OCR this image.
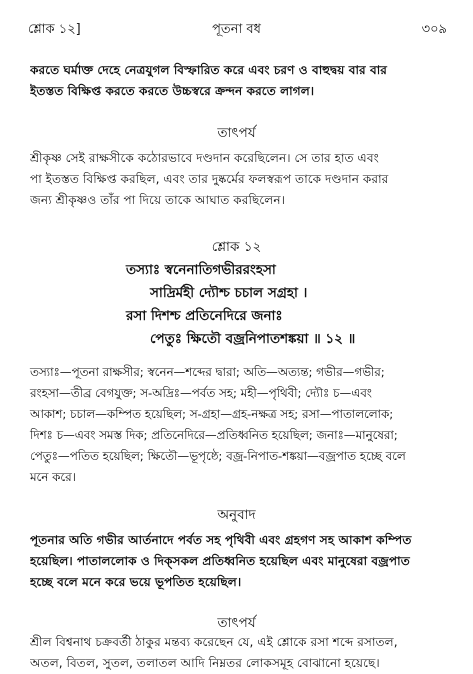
শ্লোক ১২]	পূতনা বধ	৩০৯
করতে ঘর্মাক্ত দেহে নেত্রযুগল বিস্ফারিত করে এবং চরণ ও বাহুদ্বয় বার বার
ইতস্তত বিক্ষিপ্ত করতে করতে উচ্চস্বরে ক্রন্দন করতে লাগল।
তাৎপর্য
শ্রীকৃষ্ণ সেই রাক্ষসীকে কঠোরভাবে দণ্ডদান করেছিলেন। সে তার হাত এবং
পা ইতস্তত বিক্ষিপ্ত করছিল, এবং তার দুষ্কর্মের ফলস্বরূপ তাকে দণ্ডদান করার
জন্য শ্রীকৃষ্ণও তাঁর পা দিয়ে তাকে আঘাত করছিলেন।
শ্লোক ১২
তস্যাঃ স্বনেনাতিগভীররংহসা
সাদ্রির্মহী দ্যৌশ্চ চচাল সগ্রহা ।
রসা দিশশ্চ প্রতিনেদিরে জনাঃ
পেতুঃ ক্ষিতৌ বজ্রনিপাতশঙ্কয়া ॥ ১২ ॥
তস্যাঃ—পূতনা রাক্ষসীর; স্বনেন—শব্দের দ্বারা; অতি—অত্যন্ত; গভীর—গভীর;
রংহসা—তীব্র বেগযুক্ত; স-অদ্রিঃ—পর্বত সহ; মহী—পৃথিবী; দ্যৌঃ চ—এবং
আকাশ; চচাল—কম্পিত হয়েছিল; স-গ্রহা—গ্রহ-নক্ষত্র সহ; রসা—পাতাললোক;
দিশঃ চ—এবং সমস্ত দিক; প্রতিনেদিরে—প্রতিধ্বনিত হয়েছিল; জনাঃ—মানুষেরা;
পেতুঃ—পতিত হয়েছিল; ক্ষিতৌ—ভূপৃষ্ঠে; বজ্র-নিপাত-শঙ্কয়া—বজ্রপাত হচ্ছে বলে
মনে করে।
অনুবাদ
পূতনার অতি গভীর আর্তনাদে পর্বত সহ পৃথিবী এবং গ্রহগণ সহ আকাশ কম্পিত
হয়েছিল। পাতাললোক ও দিক্‌সকল প্রতিধ্বনিত হয়েছিল এবং মানুষেরা বজ্রপাত
হচ্ছে বলে মনে করে ভয়ে ভূপতিত হয়েছিল।
তাৎপর্য
শ্রীল বিশ্বনাথ চক্রবর্তী ঠাকুর মন্তব্য করেছেন যে, এই শ্লোকে রসা শব্দে রসাতল,
অতল, বিতল, সুতল, তলাতল আদি নিম্নতর লোকসমূহ বোঝানো হয়েছে।
